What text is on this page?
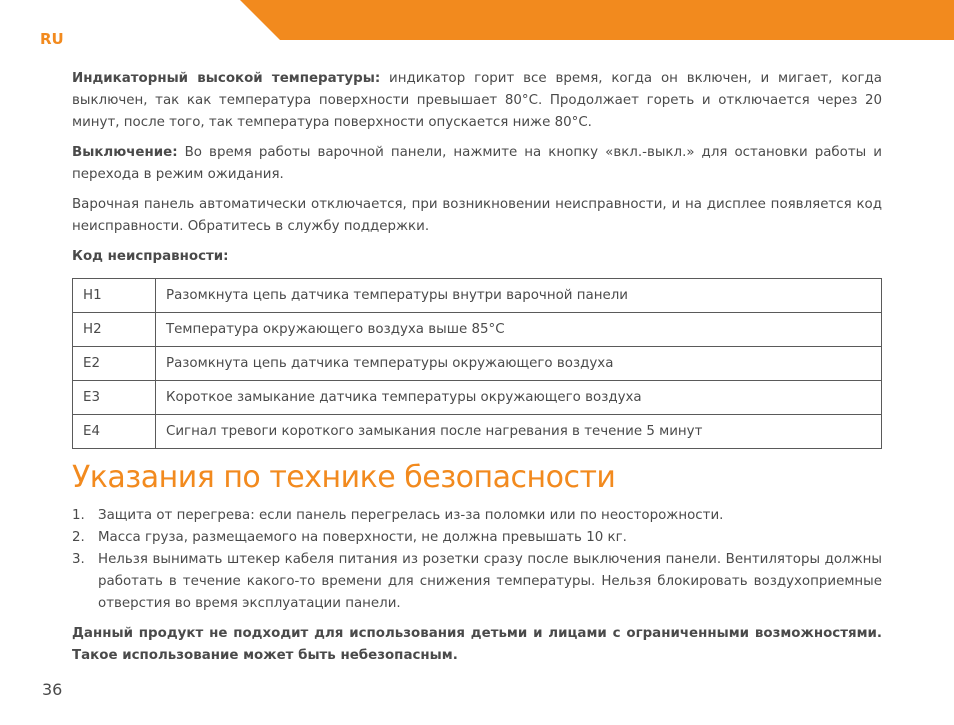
RU

Индикаторный высокой температуры: индикатор горит все время, когда он включен, и мигает, когда выключен, так как температура поверхности превышает 80°C. Продолжает гореть и отключается через 20 минут, после того, так температура поверхности опускается ниже 80°C.

Выключение: Во время работы варочной панели, нажмите на кнопку «вкл.-выкл.» для остановки работы и перехода в режим ожидания.

Варочная панель автоматически отключается, при возникновении неисправности, и на дисплее появляется код неисправности. Обратитесь в службу поддержки.

Код неисправности:
H1	Разомкнута цепь датчика температуры внутри варочной панели
H2	Температура окружающего воздуха выше 85°C
E2	Разомкнута цепь датчика температуры окружающего воздуха
E3	Короткое замыкание датчика температуры окружающего воздуха
E4	Сигнал тревоги короткого замыкания после нагревания в течение 5 минут
Указания по технике безопасности
1. Защита от перегрева: если панель перегрелась из-за поломки или по неосторожности.
2. Масса груза, размещаемого на поверхности, не должна превышать 10 кг.
3. Нельзя вынимать штекер кабеля питания из розетки сразу после выключения панели. Вентиляторы должны работать в течение какого-то времени для снижения температуры. Нельзя блокировать воздухоприемные отверстия во время эксплуатации панели.

Данный продукт не подходит для использования детьми и лицами с ограниченными возможностями. Такое использование может быть небезопасным.

36
